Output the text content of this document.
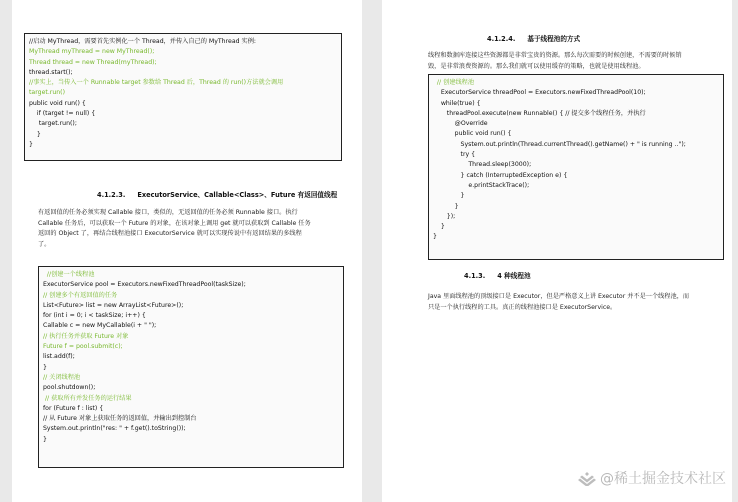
//启动 MyThread，需要首先实例化一个 Thread，并传入自己的 MyThread 实例:
MyThread myThread = new MyThread();
Thread thread = new Thread(myThread);
thread.start();
//事实上，当传入一个 Runnable target 参数给 Thread 后，Thread 的 run()方法就会调用
target.run()
public void run() {
if (target != null) {
target.run();
}
}
4.1.2.3. ExecutorService、Callable<Class>、Future 有返回值线程
有返回值的任务必须实现 Callable 接口，类似的，无返回值的任务必须 Runnable 接口。执行
Callable 任务后，可以获取一个 Future 的对象，在该对象上调用 get 就可以获取到 Callable 任务
返回的 Object 了，再结合线程池接口 ExecutorService 就可以实现传说中有返回结果的多线程
了。
//创建一个线程池
ExecutorService pool = Executors.newFixedThreadPool(taskSize);
// 创建多个有返回值的任务
List<Future> list = new ArrayList<Future>();
for (int i = 0; i < taskSize; i++) {
Callable c = new MyCallable(i + " ");
// 执行任务并获取 Future 对象
Future f = pool.submit(c);
list.add(f);
}
// 关闭线程池
pool.shutdown();
// 获取所有并发任务的运行结果
for (Future f : list) {
// 从 Future 对象上获取任务的返回值，并输出到控制台
System.out.println("res: " + f.get().toString());
}
4.1.2.4. 基于线程池的方式
线程和数据库连接这些资源都是非常宝贵的资源。那么每次需要的时候创建，不需要的时候销
毁，是非常浪费资源的。那么我们就可以使用缓存的策略，也就是使用线程池。
// 创建线程池
ExecutorService threadPool = Executors.newFixedThreadPool(10);
while(true) {
threadPool.execute(new Runnable() { // 提交多个线程任务，并执行
@Override
public void run() {
System.out.println(Thread.currentThread().getName() + " is running ..");
try {
Thread.sleep(3000);
} catch (InterruptedException e) {
e.printStackTrace();
}
}
});
}
}
4.1.3. 4 种线程池
Java 里面线程池的顶级接口是 Executor，但是严格意义上讲 Executor 并不是一个线程池，而
只是一个执行线程的工具。真正的线程池接口是 ExecutorService。
@稀土掘金技术社区
